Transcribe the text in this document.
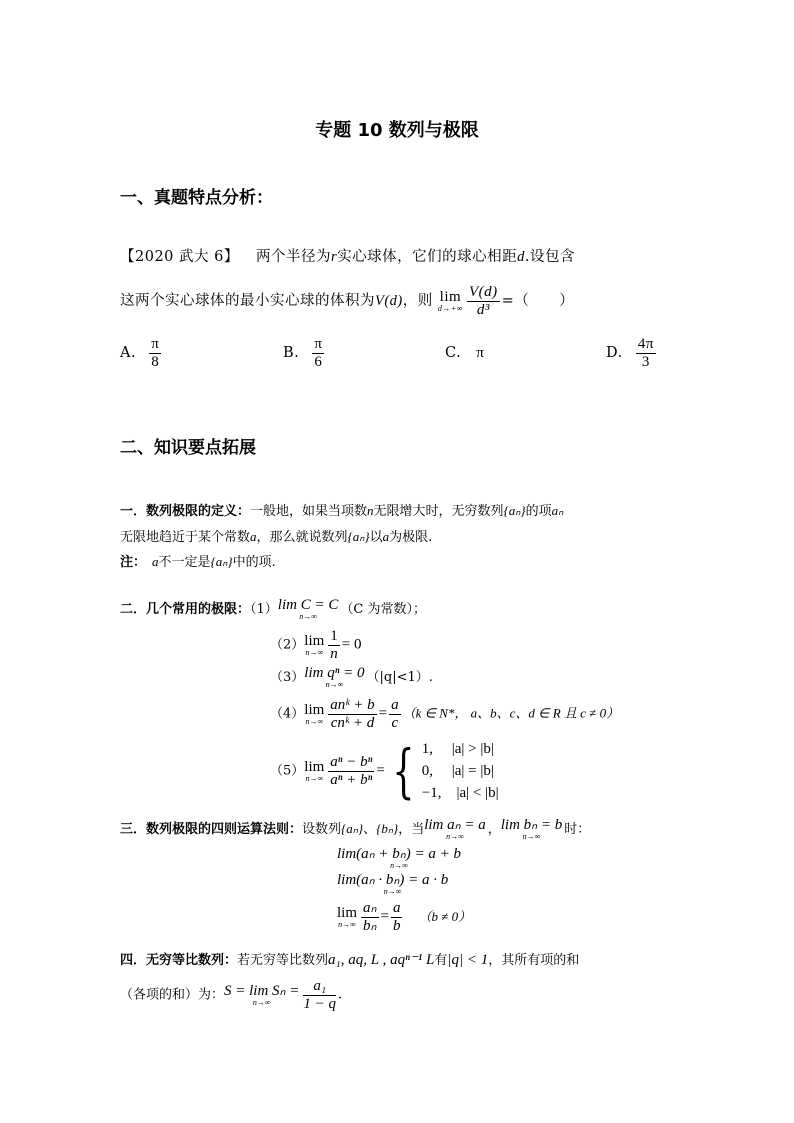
专题 10 数列与极限
一、真题特点分析：
【2020 武大 6】 两个半径为r实心球体，它们的球心相距d.设包含
这两个实心球体的最小实心球的体积为V(d)，则 lim
$d\to+\infty \frac{V(d)}{\text{d³}}$ =（　　）
A. $\frac{\pi}{8}$	B. $\frac{\pi}{6}$	C. π	D. $\frac{4\pi}{3}$
二、知识要点拓展
一．数列极限的定义：一般地，如果当项数n无限增大时，无穷数列{aₙ}的项aₙ
无限地趋近于某个常数a，那么就说数列{aₙ}以a为极限.
注： a不一定是{aₙ}中的项.
二．几个常用的极限：（1）lim C = C
n→∞	（C 为常数）；
（2）lim
$n\to\infty \frac{1}{n} = 0$
（3）lim qⁿ = 0
n→∞	（|q|<1）.
（4）lim
$n\to\infty \frac{\text{anᵏ + b}}{\text{cnᵏ + d}} = \frac{a}{c} (k$ ∈ N*， a、b、c、d ∈ R 且 c ≠ 0）
（5）lim
$n\to\infty \frac{\text{aⁿ − bⁿ}}{\text{aⁿ + bⁿ}}$ = { 1,　 |a| > |b|
0,　 |a| = |b|
−1,　|a| < |b|
三．数列极限的四则运算法则：设数列{aₙ}、{bₙ}，当lim aₙ = a
n→∞	，lim bₙ = b
n→∞	时：
lim(aₙ + bₙ) = a + b
n→∞
lim(aₙ · bₙ) = a · b
n→∞
lim
$n\to\infty \frac{\text{aₙ}}{\text{bₙ}} = \frac{a}{b} (b \ne 0)$
四．无穷等比数列：若无穷等比数列a₁, aq, L , aqⁿ⁻¹ L有|q| < 1，其所有项的和
（各项的和）为：S = lim Sₙ =
n→∞	$\frac{\text{a₁}}{1 - q}$ .
